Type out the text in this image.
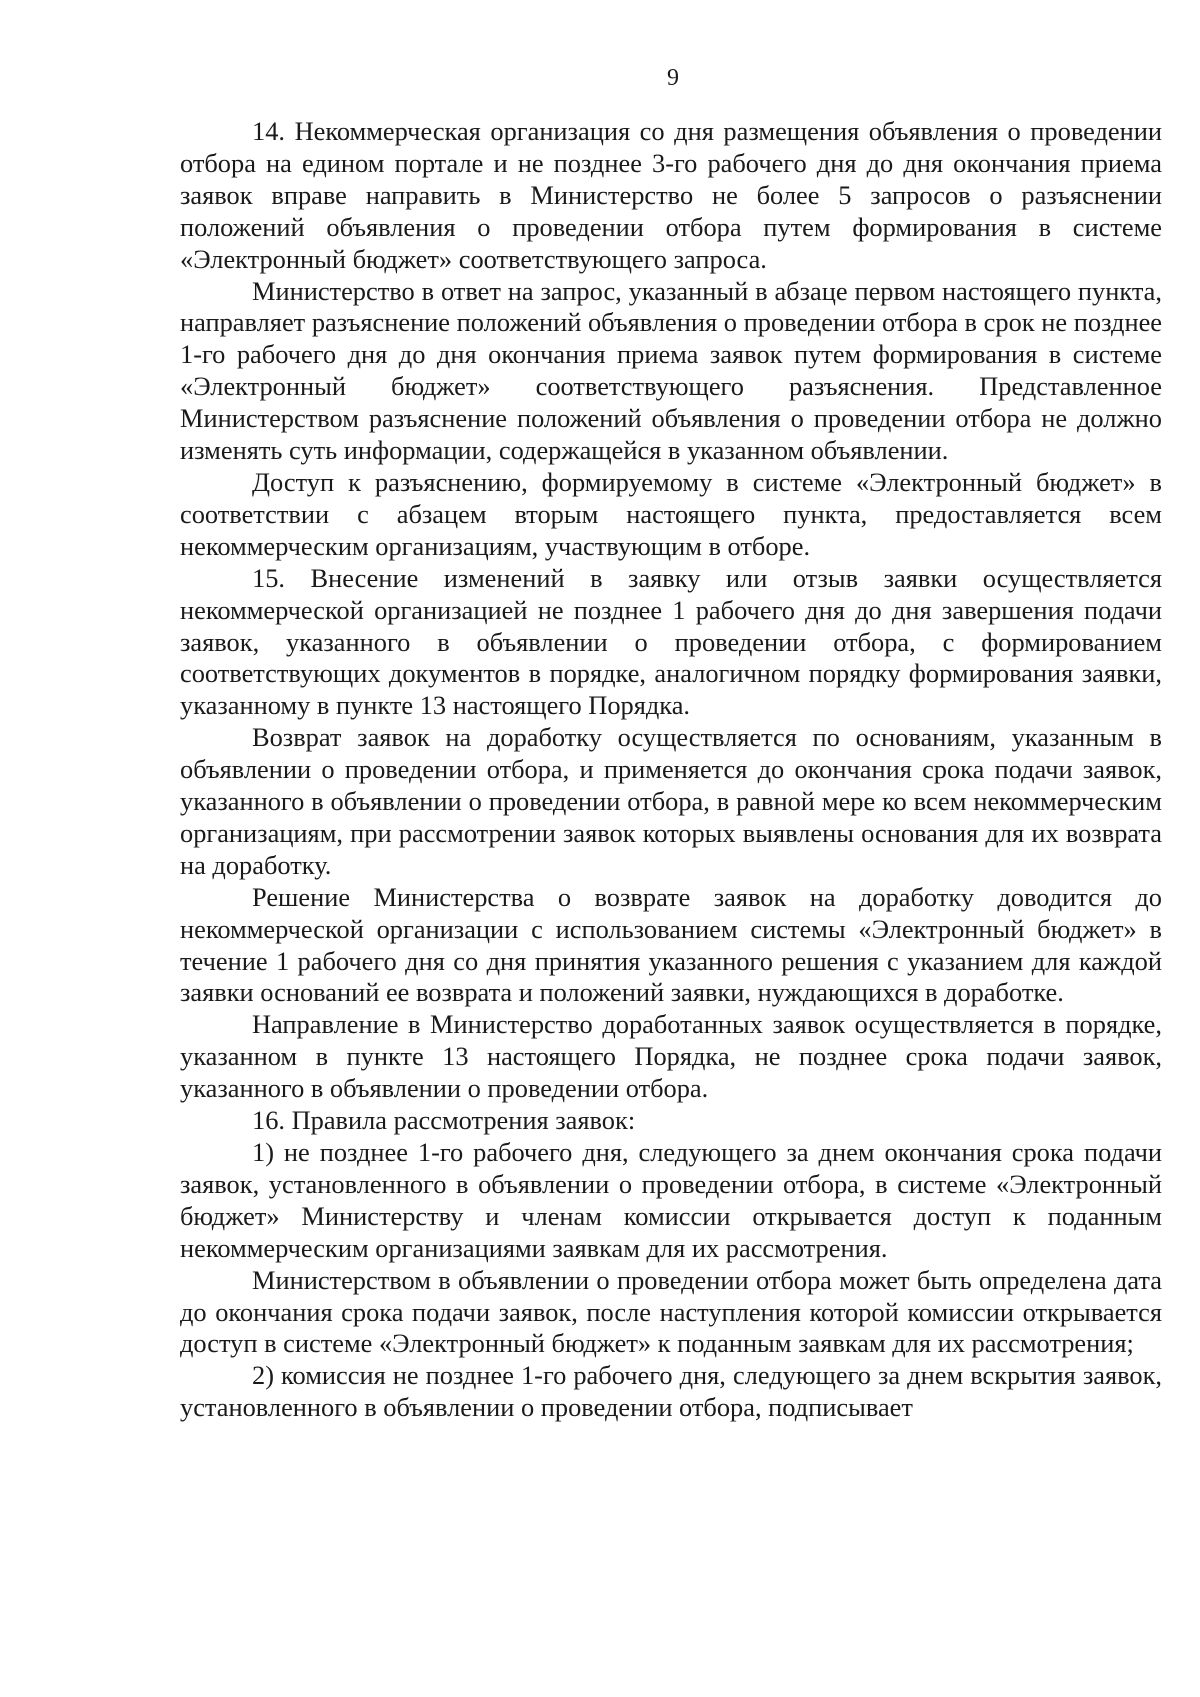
9

14. Некоммерческая организация со дня размещения объявления о проведении отбора на едином портале и не позднее 3-го рабочего дня до дня окончания приема заявок вправе направить в Министерство не более 5 запросов о разъяснении положений объявления о проведении отбора путем формирования в системе «Электронный бюджет» соответствующего запроса.

Министерство в ответ на запрос, указанный в абзаце первом настоящего пункта, направляет разъяснение положений объявления о проведении отбора в срок не позднее 1-го рабочего дня до дня окончания приема заявок путем формирования в системе «Электронный бюджет» соответствующего разъяснения. Представленное Министерством разъяснение положений объявления о проведении отбора не должно изменять суть информации, содержащейся в указанном объявлении.

Доступ к разъяснению, формируемому в системе «Электронный бюджет» в соответствии с абзацем вторым настоящего пункта, предоставляется всем некоммерческим организациям, участвующим в отборе.

15. Внесение изменений в заявку или отзыв заявки осуществляется некоммерческой организацией не позднее 1 рабочего дня до дня завершения подачи заявок, указанного в объявлении о проведении отбора, с формированием соответствующих документов в порядке, аналогичном порядку формирования заявки, указанному в пункте 13 настоящего Порядка.

Возврат заявок на доработку осуществляется по основаниям, указанным в объявлении о проведении отбора, и применяется до окончания срока подачи заявок, указанного в объявлении о проведении отбора, в равной мере ко всем некоммерческим организациям, при рассмотрении заявок которых выявлены основания для их возврата на доработку.

Решение Министерства о возврате заявок на доработку доводится до некоммерческой организации с использованием системы «Электронный бюджет» в течение 1 рабочего дня со дня принятия указанного решения с указанием для каждой заявки оснований ее возврата и положений заявки, нуждающихся в доработке.

Направление в Министерство доработанных заявок осуществляется в порядке, указанном в пункте 13 настоящего Порядка, не позднее срока подачи заявок, указанного в объявлении о проведении отбора.

16. Правила рассмотрения заявок:

1) не позднее 1-го рабочего дня, следующего за днем окончания срока подачи заявок, установленного в объявлении о проведении отбора, в системе «Электронный бюджет» Министерству и членам комиссии открывается доступ к поданным некоммерческим организациями заявкам для их рассмотрения.

Министерством в объявлении о проведении отбора может быть определена дата до окончания срока подачи заявок, после наступления которой комиссии открывается доступ в системе «Электронный бюджет» к поданным заявкам для их рассмотрения;

2) комиссия не позднее 1-го рабочего дня, следующего за днем вскрытия заявок, установленного в объявлении о проведении отбора, подписывает
